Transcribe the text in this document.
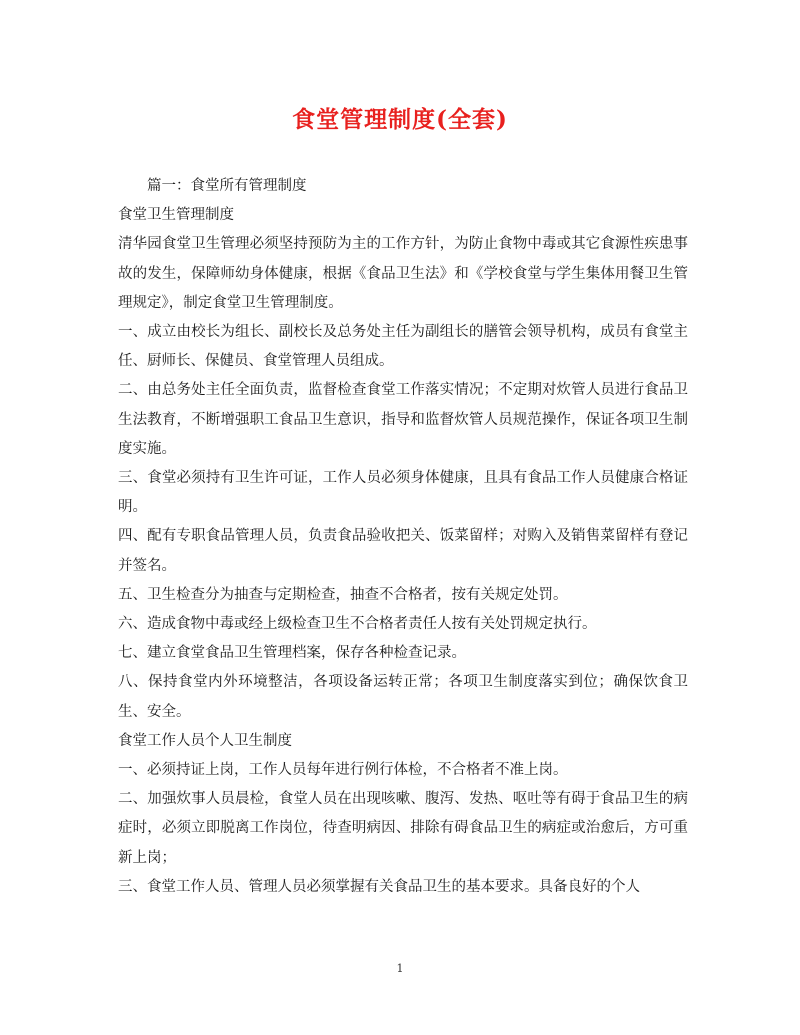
食堂管理制度(全套)

篇一：食堂所有管理制度

食堂卫生管理制度

清华园食堂卫生管理必须坚持预防为主的工作方针，为防止食物中毒或其它食源性疾患事故的发生，保障师幼身体健康，根据《食品卫生法》和《学校食堂与学生集体用餐卫生管理规定》，制定食堂卫生管理制度。

一、成立由校长为组长、副校长及总务处主任为副组长的膳管会领导机构，成员有食堂主任、厨师长、保健员、食堂管理人员组成。

二、由总务处主任全面负责，监督检查食堂工作落实情况；不定期对炊管人员进行食品卫生法教育，不断增强职工食品卫生意识，指导和监督炊管人员规范操作，保证各项卫生制度实施。

三、食堂必须持有卫生许可证，工作人员必须身体健康，且具有食品工作人员健康合格证明。

四、配有专职食品管理人员，负责食品验收把关、饭菜留样；对购入及销售菜留样有登记并签名。

五、卫生检查分为抽查与定期检查，抽查不合格者，按有关规定处罚。

六、造成食物中毒或经上级检查卫生不合格者责任人按有关处罚规定执行。

七、建立食堂食品卫生管理档案，保存各种检查记录。

八、保持食堂内外环境整洁，各项设备运转正常；各项卫生制度落实到位；确保饮食卫生、安全。

食堂工作人员个人卫生制度

一、必须持证上岗，工作人员每年进行例行体检，不合格者不准上岗。

二、加强炊事人员晨检，食堂人员在出现咳嗽、腹泻、发热、呕吐等有碍于食品卫生的病症时，必须立即脱离工作岗位，待查明病因、排除有碍食品卫生的病症或治愈后，方可重新上岗；

三、食堂工作人员、管理人员必须掌握有关食品卫生的基本要求。具备良好的个人

1
